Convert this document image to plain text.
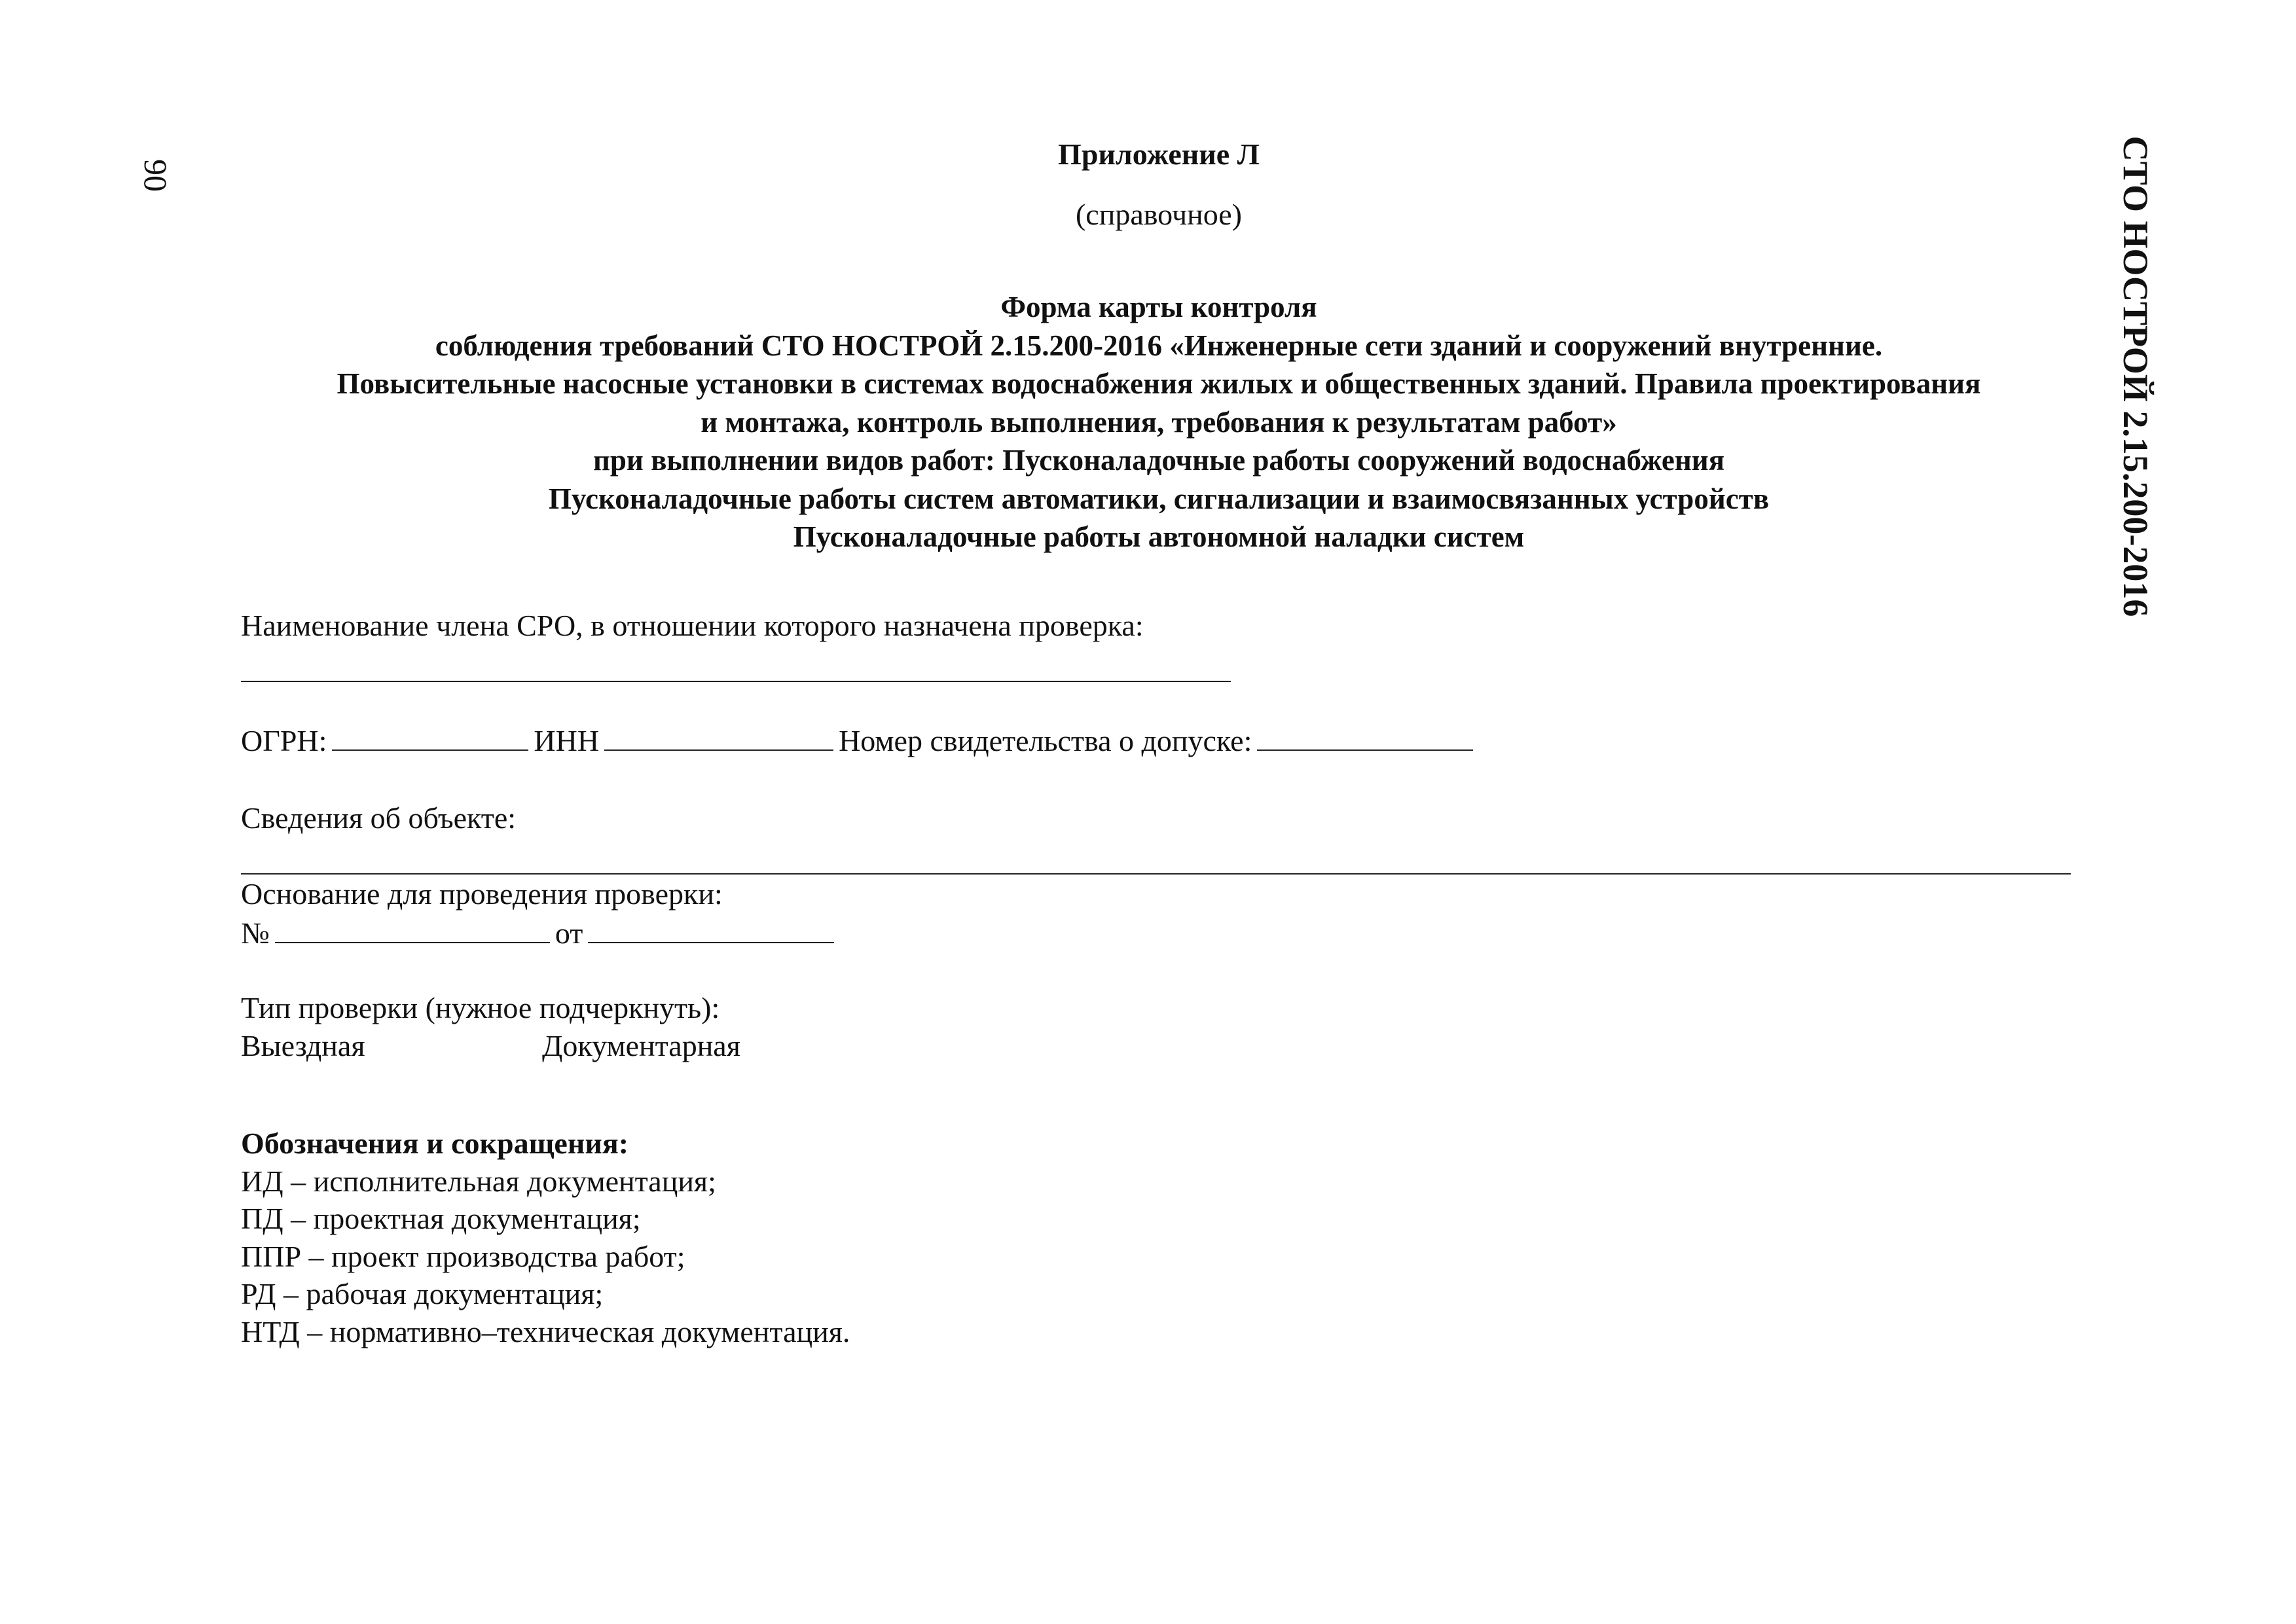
90	СТО НОСТРОЙ 2.15.200-2016
Приложение Л
(справочное)
Форма карты контроля
соблюдения требований СТО НОСТРОЙ 2.15.200-2016 «Инженерные сети зданий и сооружений внутренние.
Повысительные насосные установки в системах водоснабжения жилых и общественных зданий. Правила проектирования
и монтажа, контроль выполнения, требования к результатам работ»
при выполнении видов работ: Пусконаладочные работы сооружений водоснабжения
Пусконаладочные работы систем автоматики, сигнализации и взаимосвязанных устройств
Пусконаладочные работы автономной наладки систем
Наименование члена СРО, в отношении которого назначена проверка:
ОГРН:	ИНН	Номер свидетельства о допуске:
Сведения об объекте:
Основание для проведения проверки:
№	от
Тип проверки (нужное подчеркнуть):
Выездная	Документарная
Обозначения и сокращения:
ИД – исполнительная документация;
ПД – проектная документация;
ППР – проект производства работ;
РД – рабочая документация;
НТД – нормативно–техническая документация.
